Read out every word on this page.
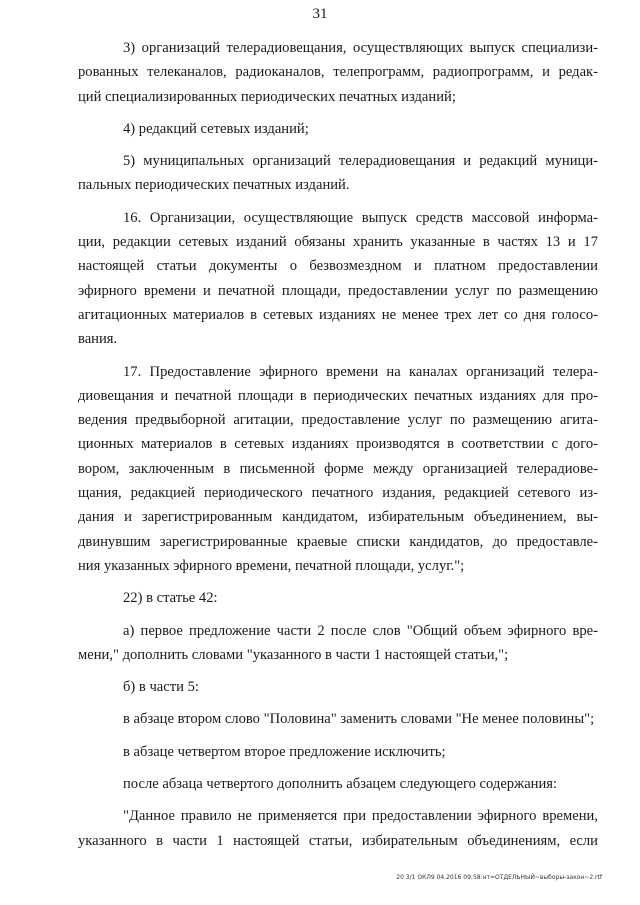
31
3) организаций телерадиовещания, осуществляющих выпуск специализи-
рованных телеканалов, радиоканалов, телепрограмм, радиопрограмм, и редак-
ций специализированных периодических печатных изданий;
4) редакций сетевых изданий;
5) муниципальных организаций телерадиовещания и редакций муници-
пальных периодических печатных изданий.
16. Организации, осуществляющие выпуск средств массовой информа-
ции, редакции сетевых изданий обязаны хранить указанные в частях 13 и 17
настоящей статьи документы о безвозмездном и платном предоставлении
эфирного времени и печатной площади, предоставлении услуг по размещению
агитационных материалов в сетевых изданиях не менее трех лет со дня голосо-
вания.
17. Предоставление эфирного времени на каналах организаций телера-
диовещания и печатной площади в периодических печатных изданиях для про-
ведения предвыборной агитации, предоставление услуг по размещению агита-
ционных материалов в сетевых изданиях производятся в соответствии с дого-
вором, заключенным в письменной форме между организацией телерадиове-
щания, редакцией периодического печатного издания, редакцией сетевого из-
дания и зарегистрированным кандидатом, избирательным объединением, вы-
двинувшим зарегистрированные краевые списки кандидатов, до предоставле-
ния указанных эфирного времени, печатной площади, услуг.";
22) в статье 42:
а) первое предложение части 2 после слов "Общий объем эфирного вре-
мени," дополнить словами "указанного в части 1 настоящей статьи,";
б) в части 5:
в абзаце втором слово "Половина" заменить словами "Не менее половины";
в абзаце четвертом второе предложение исключить;
после абзаца четвертого дополнить абзацем следующего содержания:
"Данное правило не применяется при предоставлении эфирного времени,
указанного в части 1 настоящей статьи, избирательным объединениям, если
20 3/1 ОКЛ9 04.2016 09:58:нт=ОТДЕЛЬНЫЙ~выборы-закон~2.rtf
